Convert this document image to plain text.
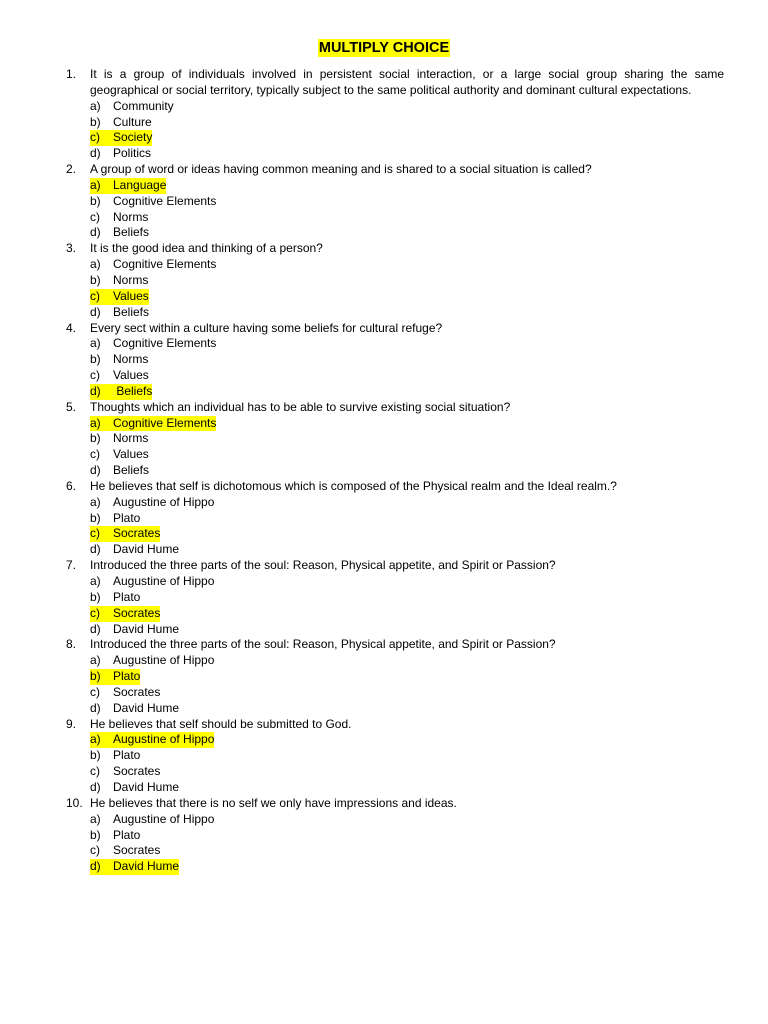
MULTIPLY CHOICE
1.	It is a group of individuals involved in persistent social interaction, or a large social group sharing the same geographical or social territory, typically subject to the same political authority and dominant cultural expectations.
a)	Community
b)	Culture
c)	Society
d)	Politics
2.	A group of word or ideas having common meaning and is shared to a social situation is called?
a)	Language
b)	Cognitive Elements
c)	Norms
d)	Beliefs
3.	It is the good idea and thinking of a person?
a)	Cognitive Elements
b)	Norms
c)	Values
d)	Beliefs
4.	Every sect within a culture having some beliefs for cultural refuge?
a)	Cognitive Elements
b)	Norms
c)	Values
d)	Beliefs
5.	Thoughts which an individual has to be able to survive existing social situation?
a)	Cognitive Elements
b)	Norms
c)	Values
d)	Beliefs
6.	He believes that self is dichotomous which is composed of the Physical realm and the Ideal realm.?
a)	Augustine of Hippo
b)	Plato
c)	Socrates
d)	David Hume
7.	Introduced the three parts of the soul: Reason, Physical appetite, and Spirit or Passion?
a)	Augustine of Hippo
b)	Plato
c)	Socrates
d)	David Hume
8.	Introduced the three parts of the soul: Reason, Physical appetite, and Spirit or Passion?
a)	Augustine of Hippo
b)	Plato
c)	Socrates
d)	David Hume
9.	He believes that self should be submitted to God.
a)	Augustine of Hippo
b)	Plato
c)	Socrates
d)	David Hume
10. He believes that there is no self we only have impressions and ideas.
a)	Augustine of Hippo
b)	Plato
c)	Socrates
d)	David Hume
